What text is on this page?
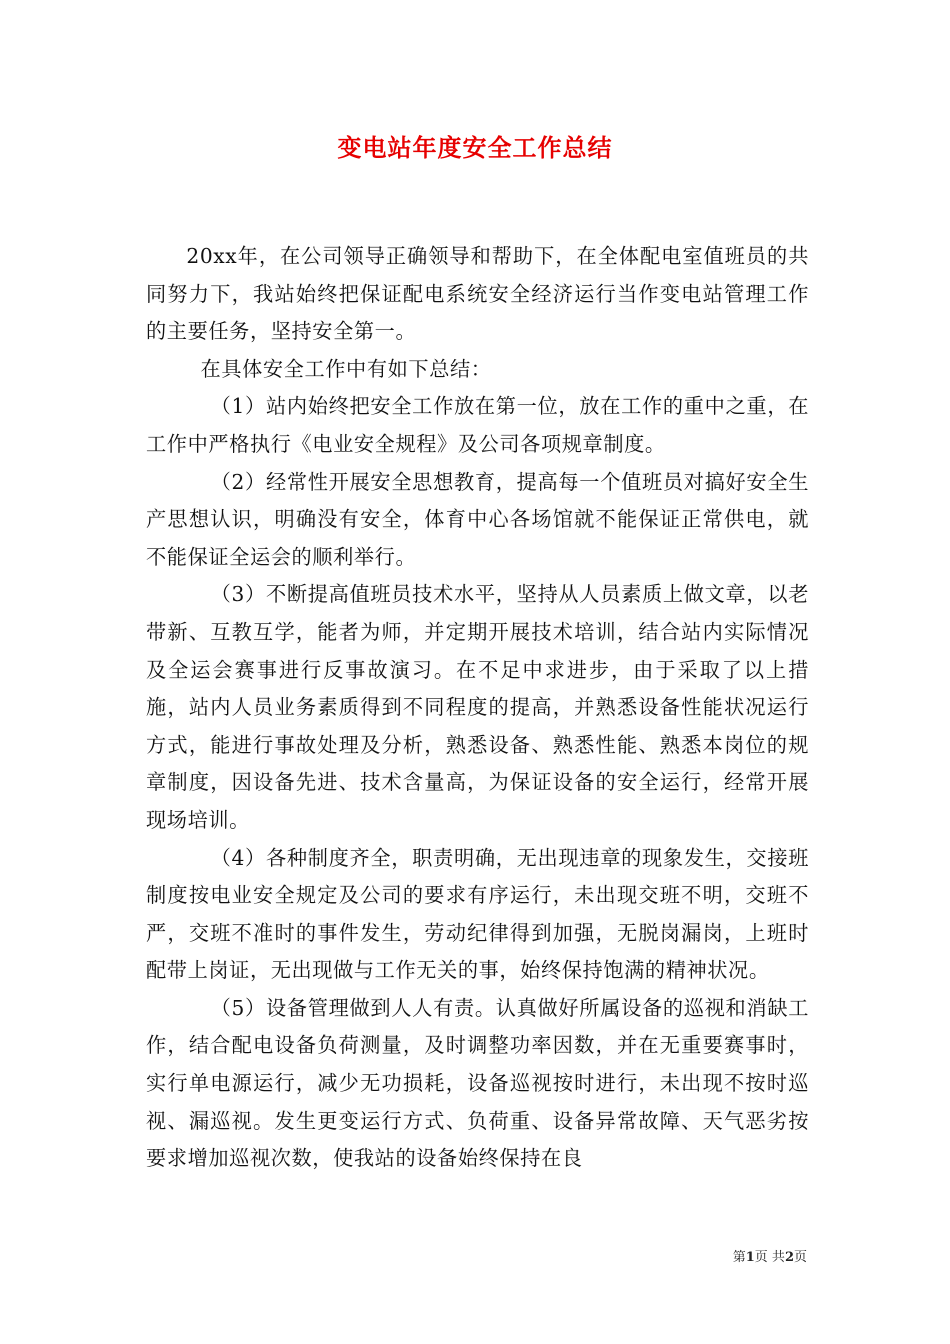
变电站年度安全工作总结

20xx年，在公司领导正确领导和帮助下，在全体配电室值班员的共同努力下，我站始终把保证配电系统安全经济运行当作变电站管理工作的主要任务，坚持安全第一。

在具体安全工作中有如下总结：

（1）站内始终把安全工作放在第一位，放在工作的重中之重，在工作中严格执行《电业安全规程》及公司各项规章制度。

（2）经常性开展安全思想教育，提高每一个值班员对搞好安全生产思想认识，明确没有安全，体育中心各场馆就不能保证正常供电，就不能保证全运会的顺利举行。

（3）不断提高值班员技术水平，坚持从人员素质上做文章，以老带新、互教互学，能者为师，并定期开展技术培训，结合站内实际情况及全运会赛事进行反事故演习。在不足中求进步，由于采取了以上措施，站内人员业务素质得到不同程度的提高，并熟悉设备性能状况运行方式，能进行事故处理及分析，熟悉设备、熟悉性能、熟悉本岗位的规章制度，因设备先进、技术含量高，为保证设备的安全运行，经常开展现场培训。

（4）各种制度齐全，职责明确，无出现违章的现象发生，交接班制度按电业安全规定及公司的要求有序运行，未出现交班不明，交班不严，交班不准时的事件发生，劳动纪律得到加强，无脱岗漏岗，上班时配带上岗证，无出现做与工作无关的事，始终保持饱满的精神状况。

（5）设备管理做到人人有责。认真做好所属设备的巡视和消缺工作，结合配电设备负荷测量，及时调整功率因数，并在无重要赛事时，实行单电源运行，减少无功损耗，设备巡视按时进行，未出现不按时巡视、漏巡视。发生更变运行方式、负荷重、设备异常故障、天气恶劣按要求增加巡视次数，使我站的设备始终保持在良

第1页 共2页
